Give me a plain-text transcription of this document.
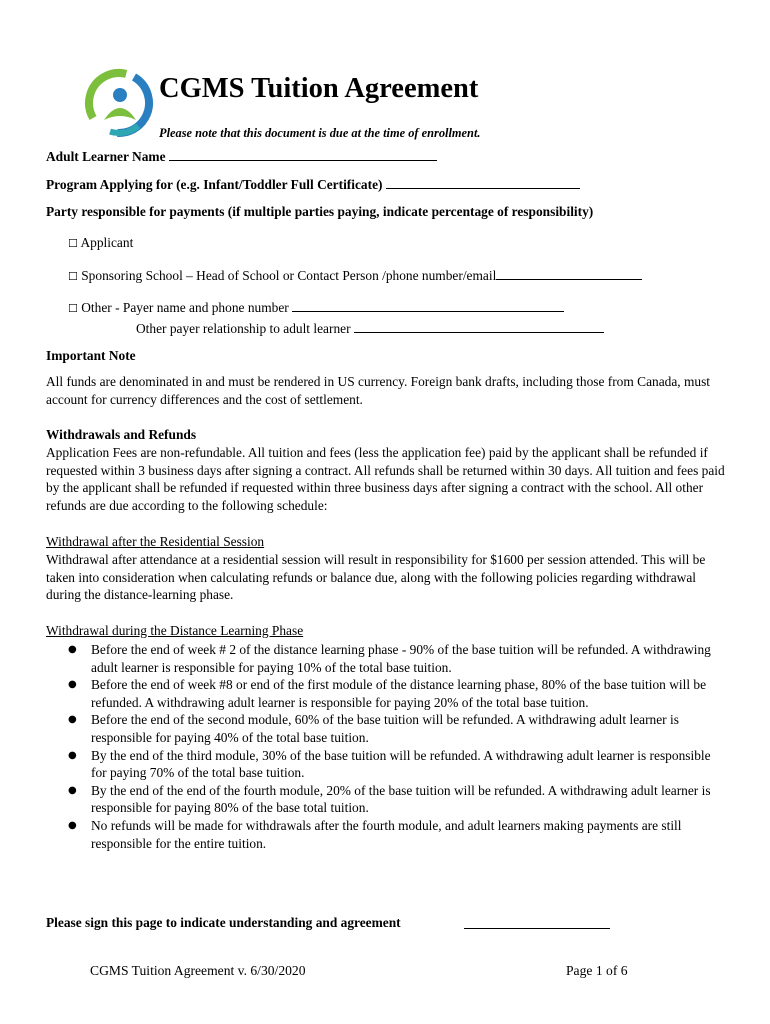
CGMS Tuition Agreement
Please note that this document is due at the time of enrollment.
Adult Learner Name
Program Applying for (e.g. Infant/Toddler Full Certificate)
Party responsible for payments (if multiple parties paying, indicate percentage of responsibility)
☐ Applicant
☐ Sponsoring School – Head of School or Contact Person /phone number/email
☐ Other - Payer name and phone number
Other payer relationship to adult learner
Important Note

All funds are denominated in and must be rendered in US currency. Foreign bank drafts, including those from Canada, must account for currency differences and the cost of settlement.

Withdrawals and Refunds

Application Fees are non-refundable. All tuition and fees (less the application fee) paid by the applicant shall be refunded if requested within 3 business days after signing a contract. All refunds shall be returned within 30 days. All tuition and fees paid by the applicant shall be refunded if requested within three business days after signing a contract with the school. All other refunds are due according to the following schedule:

Withdrawal after the Residential Session

Withdrawal after attendance at a residential session will result in responsibility for $1600 per session attended. This will be taken into consideration when calculating refunds or balance due, along with the following policies regarding withdrawal during the distance-learning phase.

Withdrawal during the Distance Learning Phase
● Before the end of week # 2 of the distance learning phase - 90% of the base tuition will be refunded. A withdrawing adult learner is responsible for paying 10% of the total base tuition.
● Before the end of week #8 or end of the first module of the distance learning phase, 80% of the base tuition will be refunded. A withdrawing adult learner is responsible for paying 20% of the total base tuition.
● Before the end of the second module, 60% of the base tuition will be refunded. A withdrawing adult learner is responsible for paying 40% of the total base tuition.
● By the end of the third module, 30% of the base tuition will be refunded. A withdrawing adult learner is responsible for paying 70% of the total base tuition.
● By the end of the end of the fourth module, 20% of the base tuition will be refunded. A withdrawing adult learner is responsible for paying 80% of the base total tuition.
● No refunds will be made for withdrawals after the fourth module, and adult learners making payments are still responsible for the entire tuition.
Please sign this page to indicate understanding and agreement
CGMS Tuition Agreement v. 6/30/2020	Page 1 of 6
